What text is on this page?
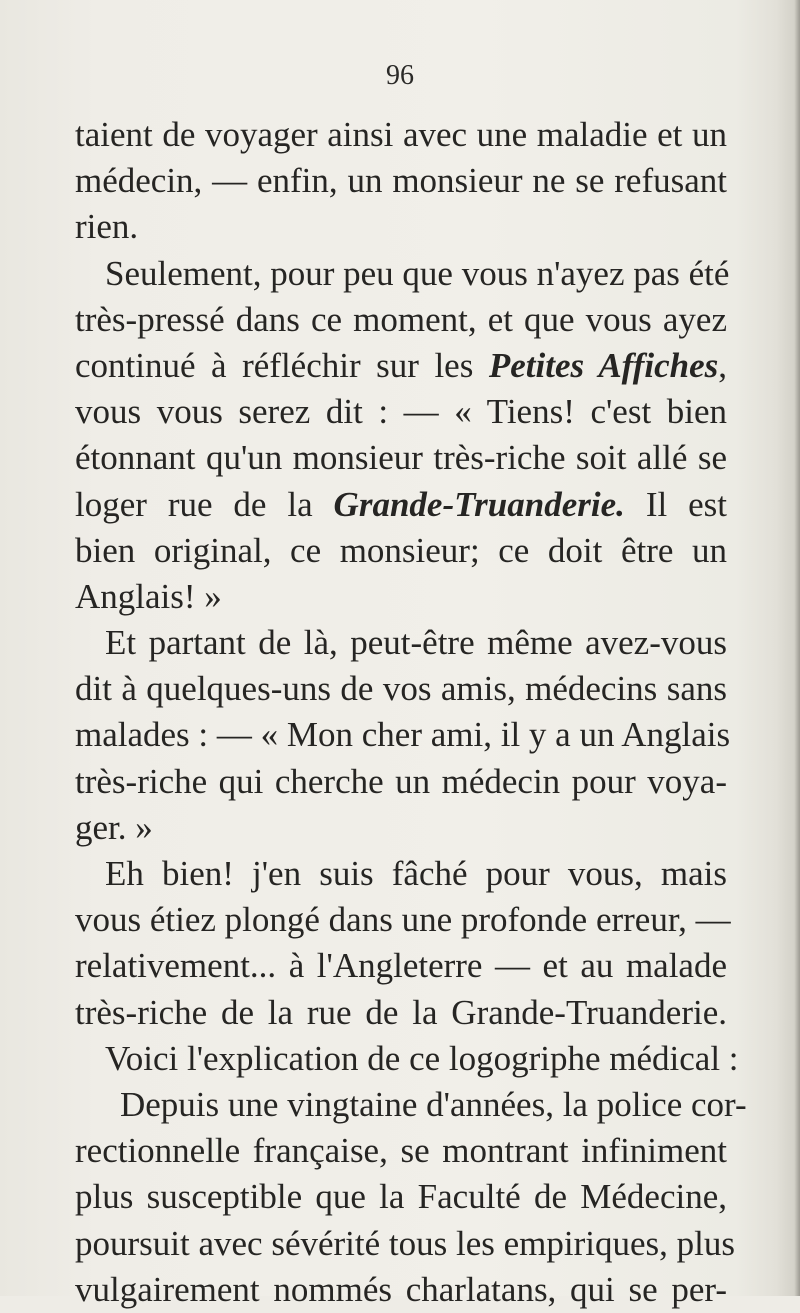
96
taient de voyager ainsi avec une maladie et un
médecin, — enfin, un monsieur ne se refusant
rien.
Seulement, pour peu que vous n'ayez pas été
très-pressé dans ce moment, et que vous ayez
continué à réfléchir sur les Petites Affiches,
vous vous serez dit : — « Tiens! c'est bien
étonnant qu'un monsieur très-riche soit allé se
loger rue de la Grande-Truanderie. Il est
bien original, ce monsieur; ce doit être un
Anglais! »
Et partant de là, peut-être même avez-vous
dit à quelques-uns de vos amis, médecins sans
malades : — « Mon cher ami, il y a un Anglais
très-riche qui cherche un médecin pour voya-
ger. »
Eh bien! j'en suis fâché pour vous, mais
vous étiez plongé dans une profonde erreur, —
relativement... à l'Angleterre — et au malade
très-riche de la rue de la Grande-Truanderie.
Voici l'explication de ce logogriphe médical :
Depuis une vingtaine d'années, la police cor-
rectionnelle française, se montrant infiniment
plus susceptible que la Faculté de Médecine,
poursuit avec sévérité tous les empiriques, plus
vulgairement nommés charlatans, qui se per-
